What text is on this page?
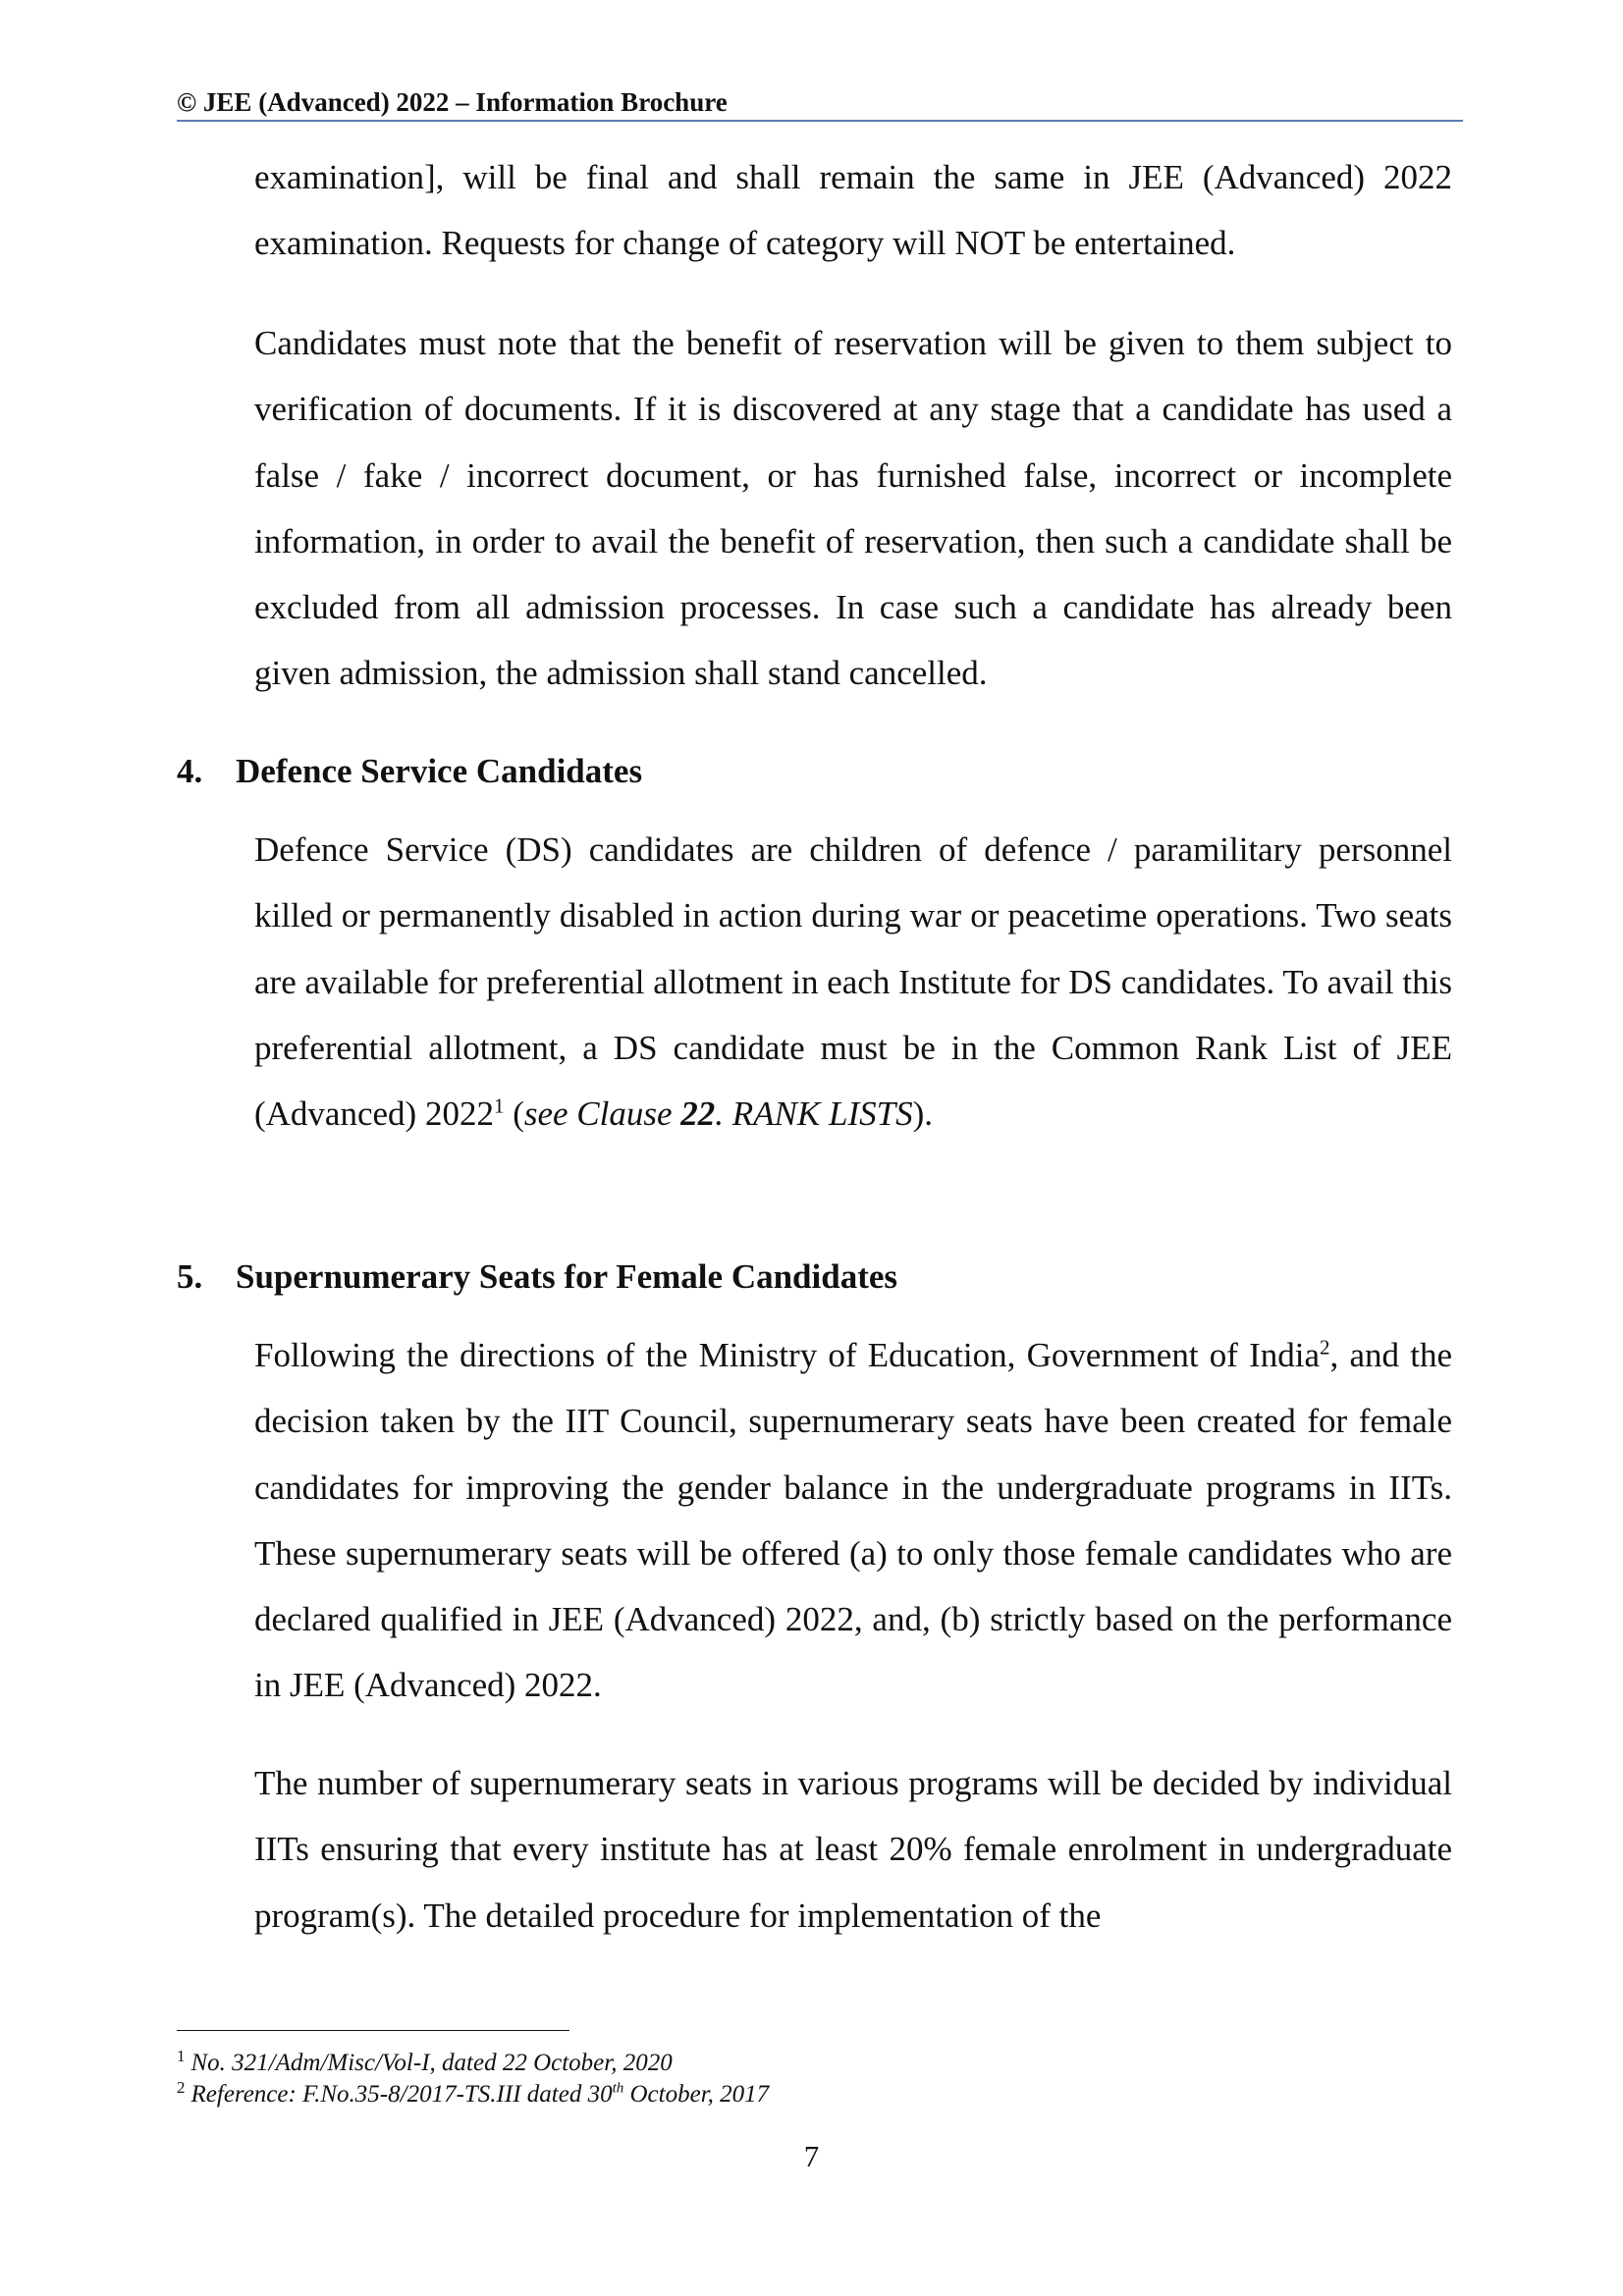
© JEE (Advanced) 2022 – Information Brochure

examination], will be final and shall remain the same in JEE (Advanced) 2022 examination. Requests for change of category will NOT be entertained.

Candidates must note that the benefit of reservation will be given to them subject to verification of documents. If it is discovered at any stage that a candidate has used a false / fake / incorrect document, or has furnished false, incorrect or incomplete information, in order to avail the benefit of reservation, then such a candidate shall be excluded from all admission processes. In case such a candidate has already been given admission, the admission shall stand cancelled.

4. Defence Service Candidates

Defence Service (DS) candidates are children of defence / paramilitary personnel killed or permanently disabled in action during war or peacetime operations. Two seats are available for preferential allotment in each Institute for DS candidates. To avail this preferential allotment, a DS candidate must be in the Common Rank List of JEE (Advanced) 2022$^1$ (see Clause 22. RANK LISTS).

5. Supernumerary Seats for Female Candidates

Following the directions of the Ministry of Education, Government of India$^2$, and the decision taken by the IIT Council, supernumerary seats have been created for female candidates for improving the gender balance in the undergraduate programs in IITs. These supernumerary seats will be offered (a) to only those female candidates who are declared qualified in JEE (Advanced) 2022, and, (b) strictly based on the performance in JEE (Advanced) 2022.

The number of supernumerary seats in various programs will be decided by individual IITs ensuring that every institute has at least 20% female enrolment in undergraduate program(s). The detailed procedure for implementation of the

$^1$ No. 321/Adm/Misc/Vol-I, dated 22 October, 2020

$^2$ Reference: F.No.35-8/2017-TS.III dated 30th October, 2017

7
